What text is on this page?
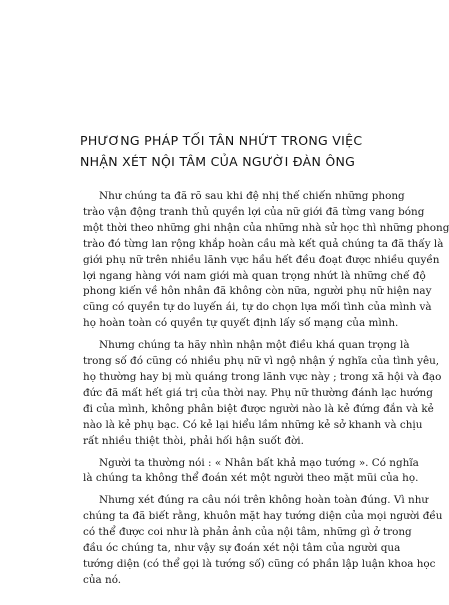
PHƯƠNG PHÁP TỐI TÂN NHỨT TRONG VIỆC
NHẬN XÉT NỘI TÂM CỦA NGƯỜI ĐÀN ÔNG
Như chúng ta đã rõ sau khi đệ nhị thế chiến những phong
trào vận động tranh thủ quyền lợi của nữ giới đã từng vang bóng
một thời theo những ghi nhận của những nhà sử học thì những phong
trào đó từng lan rộng khắp hoàn cầu mà kết quả chúng ta đã thấy là
giới phụ nữ trên nhiều lãnh vực hầu hết đều đoạt được nhiều quyền
lợi ngang hàng với nam giới mà quan trọng nhứt là những chế độ
phong kiến về hôn nhân đã không còn nữa, người phụ nữ hiện nay
cũng có quyền tự do luyến ái, tự do chọn lựa mối tình của mình và
họ hoàn toàn có quyền tự quyết định lấy số mạng của mình.
Nhưng chúng ta hãy nhìn nhận một điều khá quan trọng là
trong số đó cũng có nhiều phụ nữ vì ngộ nhận ý nghĩa của tình yêu,
họ thường hay bị mù quáng trong lãnh vực này ; trong xã hội và đạo
đức đã mất hết giá trị của thời nay. Phụ nữ thường đánh lạc hướng
đi của mình, không phân biệt được người nào là kẻ đứng đắn và kẻ
nào là kẻ phụ bạc. Có kẻ lại hiểu lầm những kẻ sở khanh và chịu
rất nhiều thiệt thòi, phải hối hận suốt đời.
Người ta thường nói : « Nhân bất khả mạo tướng ». Có nghĩa
là chúng ta không thể đoán xét một người theo mặt mũi của họ.
Nhưng xét đúng ra câu nói trên không hoàn toàn đúng. Vì như
chúng ta đã biết rằng, khuôn mặt hay tướng diện của mọi người đều
có thể được coi như là phản ảnh của nội tâm, những gì ở trong
đầu óc chúng ta, như vậy sự đoán xét nội tâm của người qua
tướng diện (có thể gọi là tướng số) cũng có phần lập luận khoa học
của nó.
